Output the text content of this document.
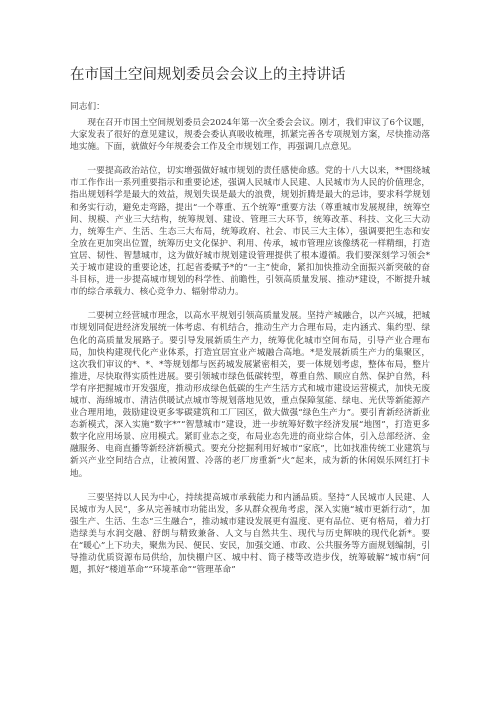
在市国土空间规划委员会会议上的主持讲话

同志们：

现在召开市国土空间规划委员会2024年第一次全委会会议。刚才，我们审议了6个议题，大家发表了很好的意见建议，规委会委认真吸收梳理，抓紧完善各专项规划方案，尽快推动落地实施。下面，就做好今年规委会工作及全市规划工作，再强调几点意见。

一要提高政治站位，切实增强做好城市规划的责任感使命感。党的十八大以来，**围绕城市工作作出一系列重要指示和重要论述，强调人民城市人民建、人民城市为人民的价值理念，指出规划科学是最大的效益，规划失误是最大的浪费，规划折腾是最大的忌讳，要求科学规划和务实行动，避免走弯路，提出“一个尊重、五个统筹”重要方法（尊重城市发展规律，统筹空间、规模、产业三大结构，统筹规划、建设、管理三大环节，统筹改革、科技、文化三大动力，统筹生产、生活、生态三大布局，统筹政府、社会、市民三大主体），强调要把生态和安全放在更加突出位置，统筹历史文化保护、利用、传承，城市管理应该像绣花一样精细，打造宜居、韧性、智慧城市，这为做好城市规划建设管理提供了根本遵循。我们要深刻学习领会*关于城市建设的重要论述，扛起省委赋予*的“一主”使命，紧扣加快推动全面振兴新突破的奋斗目标，进一步提高城市规划的科学性、前瞻性，引领高质量发展、推动*建设，不断提升城市的综合承载力、核心竞争力、辐射带动力。

二要树立经营城市理念，以高水平规划引领高质量发展。坚持产城融合，以产兴城，把城市规划同促进经济发展统一体考虑、有机结合，推动生产力合理布局，走内涵式、集约型、绿色化的高质量发展路子。要引导发展新质生产力，统筹优化城市空间布局，引导产业合理布局，加快构建现代化产业体系，打造宜居宜业产城融合高地。*是发展新质生产力的集聚区，这次我们审议的*、*、*等规划都与医药城发展紧密相关，要一体规划考虑，整体布局，整片推进，尽快取得实质性进展。要引领城市绿色低碳转型，尊重自然、顺应自然、保护自然，科学有序把握城市开发强度，推动形成绿色低碳的生产生活方式和城市建设运营模式，加快无废城市、海绵城市、清洁供暖试点城市等规划落地见效，重点保障氢能、绿电、光伏等新能源产业合理用地，鼓励建设更多零碳建筑和工厂园区，做大做强“绿色生产力”。要引育新经济新业态新模式，深入实施“数字*”“智慧城市”建设，进一步统筹好数字经济发展“地图”，打造更多数字化应用场景、应用模式。紧盯业态之变，布局业态先进的商业综合体，引入总部经济、金融服务、电商直播等新经济新模式。要充分挖掘利用好城市“家底”，比如找准传统工业建筑与新兴产业空间结合点，让被闲置、冷落的老厂房重新“火”起来，成为新的休闲娱乐网红打卡地。

三要坚持以人民为中心，持续提高城市承载能力和内涵品质。坚持“人民城市人民建、人民城市为人民”，多从完善城市功能出发，多从群众视角考虑，深入实施“城市更新行动”，加强生产、生活、生态“三生融合”，推动城市建设发展更有温度、更有品位、更有格局，着力打造绿美与水润交融、舒朗与精致兼备、人文与自然共生、现代与历史辉映的现代化新*。要在“暖心”上下功夫，聚焦为民、便民、安民，加强交通、市政、公共服务等方面规划编制，引导推动优质资源布局供给，加快棚户区、城中村、筒子楼等改造步伐，统筹破解“城市病”问题，抓好“楼道革命”“环境革命”“管理革命”
